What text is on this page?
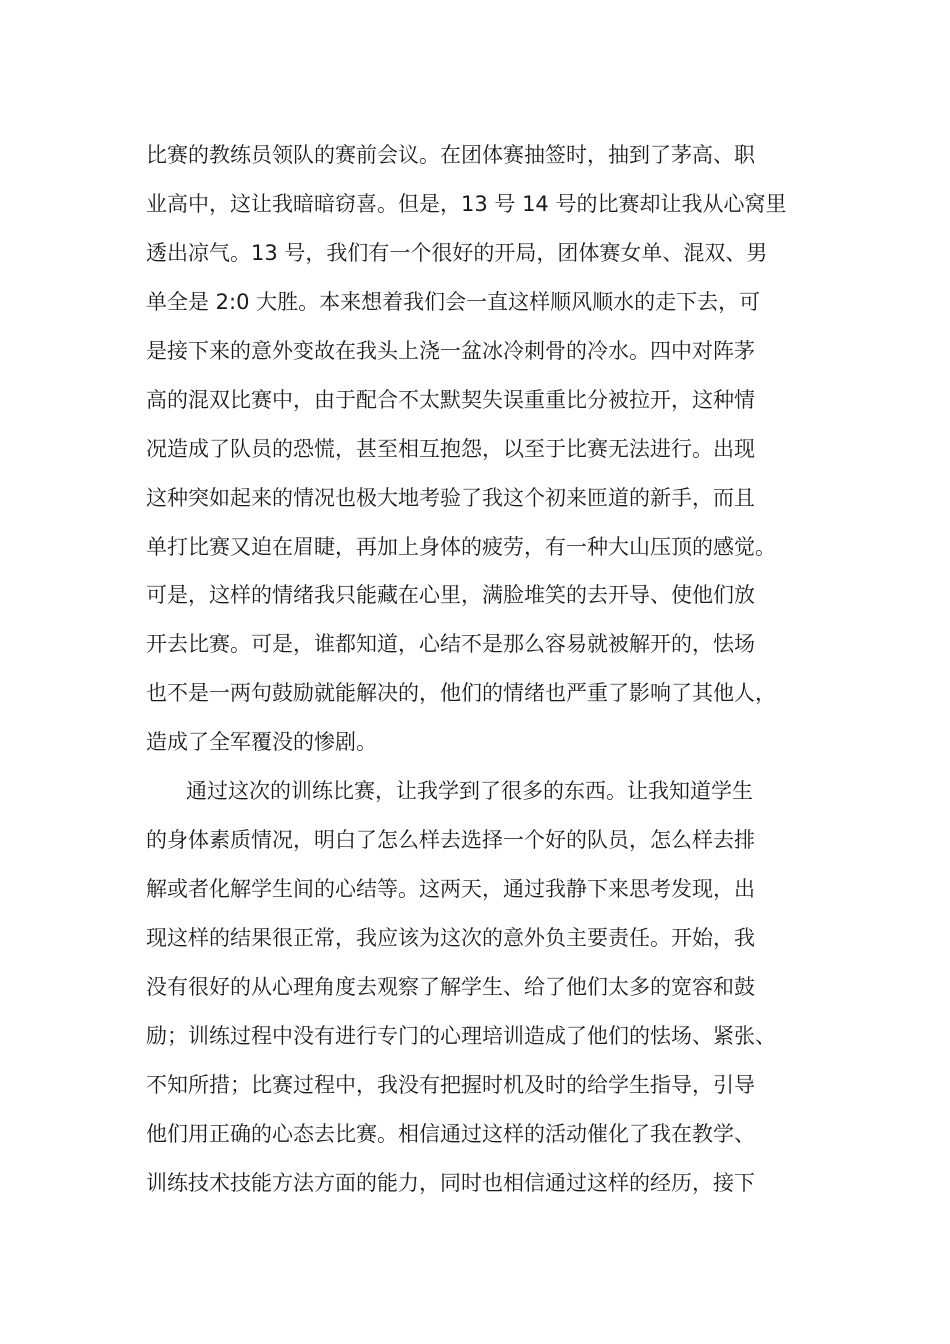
比赛的教练员领队的赛前会议。在团体赛抽签时，抽到了茅高、职
业高中，这让我暗暗窃喜。但是，13 号 14 号的比赛却让我从心窝里
透出凉气。13 号，我们有一个很好的开局，团体赛女单、混双、男
单全是 2:0 大胜。本来想着我们会一直这样顺风顺水的走下去，可
是接下来的意外变故在我头上浇一盆冰冷刺骨的冷水。四中对阵茅
高的混双比赛中，由于配合不太默契失误重重比分被拉开，这种情
况造成了队员的恐慌，甚至相互抱怨，以至于比赛无法进行。出现
这种突如起来的情况也极大地考验了我这个初来匝道的新手，而且
单打比赛又迫在眉睫，再加上身体的疲劳，有一种大山压顶的感觉。
可是，这样的情绪我只能藏在心里，满脸堆笑的去开导、使他们放
开去比赛。可是，谁都知道，心结不是那么容易就被解开的，怯场
也不是一两句鼓励就能解决的，他们的情绪也严重了影响了其他人，
造成了全军覆没的惨剧。
通过这次的训练比赛，让我学到了很多的东西。让我知道学生
的身体素质情况，明白了怎么样去选择一个好的队员，怎么样去排
解或者化解学生间的心结等。这两天，通过我静下来思考发现，出
现这样的结果很正常，我应该为这次的意外负主要责任。开始，我
没有很好的从心理角度去观察了解学生、给了他们太多的宽容和鼓
励；训练过程中没有进行专门的心理培训造成了他们的怯场、紧张、
不知所措；比赛过程中，我没有把握时机及时的给学生指导，引导
他们用正确的心态去比赛。相信通过这样的活动催化了我在教学、
训练技术技能方法方面的能力，同时也相信通过这样的经历，接下
